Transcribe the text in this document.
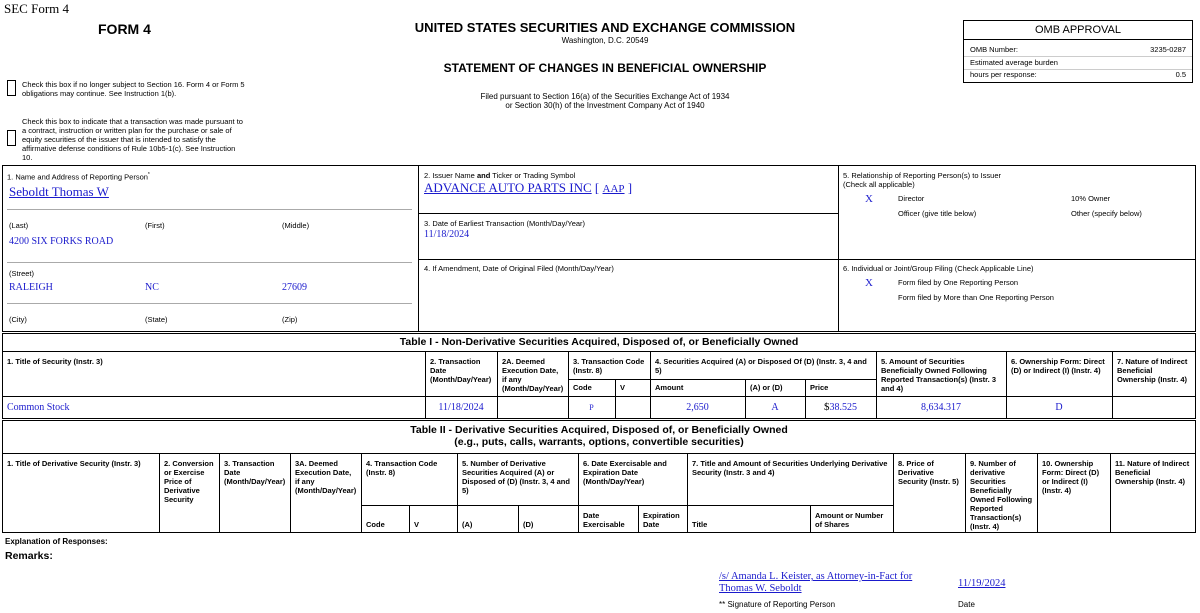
SEC Form 4
FORM 4
Check this box if no longer subject to Section 16. Form 4 or Form 5
obligations may continue. See Instruction 1(b).
Check this box to indicate that a transaction was made pursuant to
a contract, instruction or written plan for the purchase or sale of
equity securities of the issuer that is intended to satisfy the
affirmative defense conditions of Rule 10b5-1(c). See Instruction
10.
UNITED STATES SECURITIES AND EXCHANGE COMMISSION
Washington, D.C. 20549
STATEMENT OF CHANGES IN BENEFICIAL OWNERSHIP
Filed pursuant to Section 16(a) of the Securities Exchange Act of 1934
or Section 30(h) of the Investment Company Act of 1940
OMB APPROVAL
OMB Number:	3235-0287
Estimated average burden
hours per response:	0.5
1. Name and Address of Reporting Person*
Seboldt Thomas W
(Last)	(First)	(Middle)
4200 SIX FORKS ROAD
(Street)
RALEIGH	NC	27609
(City)	(State)	(Zip)
2. Issuer Name and Ticker or Trading Symbol
ADVANCE AUTO PARTS INC [ AAP ]
3. Date of Earliest Transaction (Month/Day/Year)
11/18/2024
4. If Amendment, Date of Original Filed (Month/Day/Year)
5. Relationship of Reporting Person(s) to Issuer
(Check all applicable)
X	Director	10% Owner
Officer (give title below)	Other (specify below)
6. Individual or Joint/Group Filing (Check Applicable Line)
X	Form filed by One Reporting Person
Form filed by More than One Reporting Person
Table I - Non-Derivative Securities Acquired, Disposed of, or Beneficially Owned
1. Title of Security (Instr. 3)	2. Transaction
Date
(Month/Day/Year)
2A. Deemed
Execution Date,
if any
(Month/Day/Year)
3. Transaction Code
(Instr. 8)
Code	V
4. Securities Acquired (A) or Disposed Of (D) (Instr. 3, 4 and
5)
Amount	(A) or (D)	Price
5. Amount of Securities
Beneficially Owned Following
Reported Transaction(s) (Instr. 3
and 4)
6. Ownership Form: Direct
(D) or Indirect (I) (Instr. 4)
7. Nature of Indirect
Beneficial
Ownership (Instr. 4)
Common Stock	11/18/2024	P	2,650	A	$38.525	8,634.317	D
Table II - Derivative Securities Acquired, Disposed of, or Beneficially Owned
(e.g., puts, calls, warrants, options, convertible securities)
1. Title of Derivative Security (Instr. 3)	2. Conversion
or Exercise
Price of
Derivative
Security
3. Transaction
Date
(Month/Day/Year)
3A. Deemed
Execution Date,
if any
(Month/Day/Year)
4. Transaction Code
(Instr. 8)
Code	V
5. Number of Derivative
Securities Acquired (A) or
Disposed of (D) (Instr. 3, 4 and
5)
(A)	(D)
6. Date Exercisable and
Expiration Date
(Month/Day/Year)
Date
Exercisable
Expiration
Date
7. Title and Amount of Securities Underlying Derivative
Security (Instr. 3 and 4)
Title
Amount or Number
of Shares
8. Price of
Derivative
Security (Instr. 5)
9. Number of
derivative
Securities
Beneficially
Owned Following
Reported
Transaction(s)
(Instr. 4)
10. Ownership
Form: Direct (D)
or Indirect (I)
(Instr. 4)
11. Nature of Indirect
Beneficial
Ownership (Instr. 4)
Explanation of Responses:
Remarks:
/s/ Amanda L. Keister, as Attorney-in-Fact for
Thomas W. Seboldt	11/19/2024
** Signature of Reporting Person	Date
